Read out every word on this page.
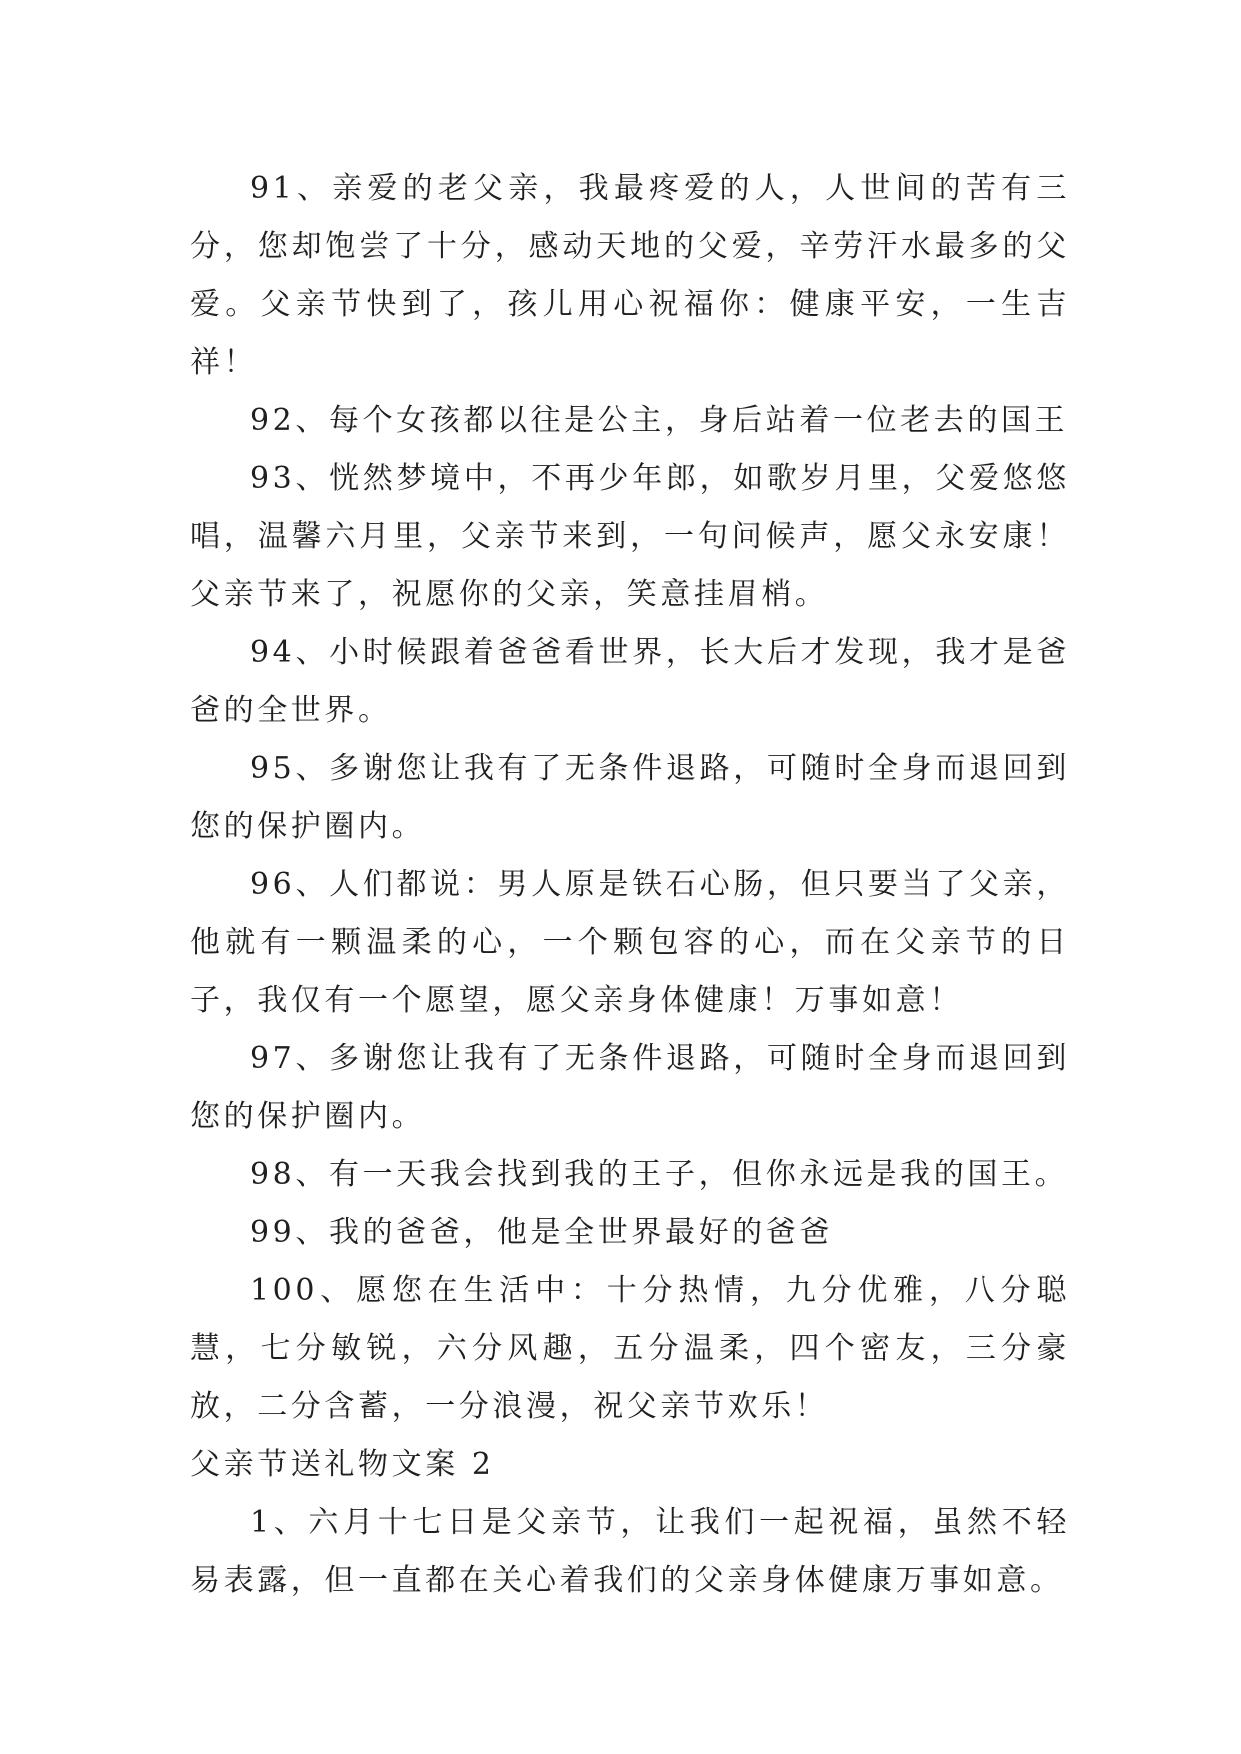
91、亲爱的老父亲，我最疼爱的人，人世间的苦有三分，您却饱尝了十分，感动天地的父爱，辛劳汗水最多的父爱。父亲节快到了，孩儿用心祝福你：健康平安，一生吉祥！

92、每个女孩都以往是公主，身后站着一位老去的国王

93、恍然梦境中，不再少年郎，如歌岁月里，父爱悠悠唱，温馨六月里，父亲节来到，一句问候声，愿父永安康！父亲节来了，祝愿你的父亲，笑意挂眉梢。

94、小时候跟着爸爸看世界，长大后才发现，我才是爸爸的全世界。

95、多谢您让我有了无条件退路，可随时全身而退回到您的保护圈内。

96、人们都说：男人原是铁石心肠，但只要当了父亲，他就有一颗温柔的心，一个颗包容的心，而在父亲节的日子，我仅有一个愿望，愿父亲身体健康！万事如意！

97、多谢您让我有了无条件退路，可随时全身而退回到您的保护圈内。

98、有一天我会找到我的王子，但你永远是我的国王。

99、我的爸爸，他是全世界最好的爸爸

100、愿您在生活中：十分热情，九分优雅，八分聪慧，七分敏锐，六分风趣，五分温柔，四个密友，三分豪放，二分含蓄，一分浪漫，祝父亲节欢乐！

父亲节送礼物文案 2

1、六月十七日是父亲节，让我们一起祝福，虽然不轻易表露，但一直都在关心着我们的父亲身体健康万事如意。
